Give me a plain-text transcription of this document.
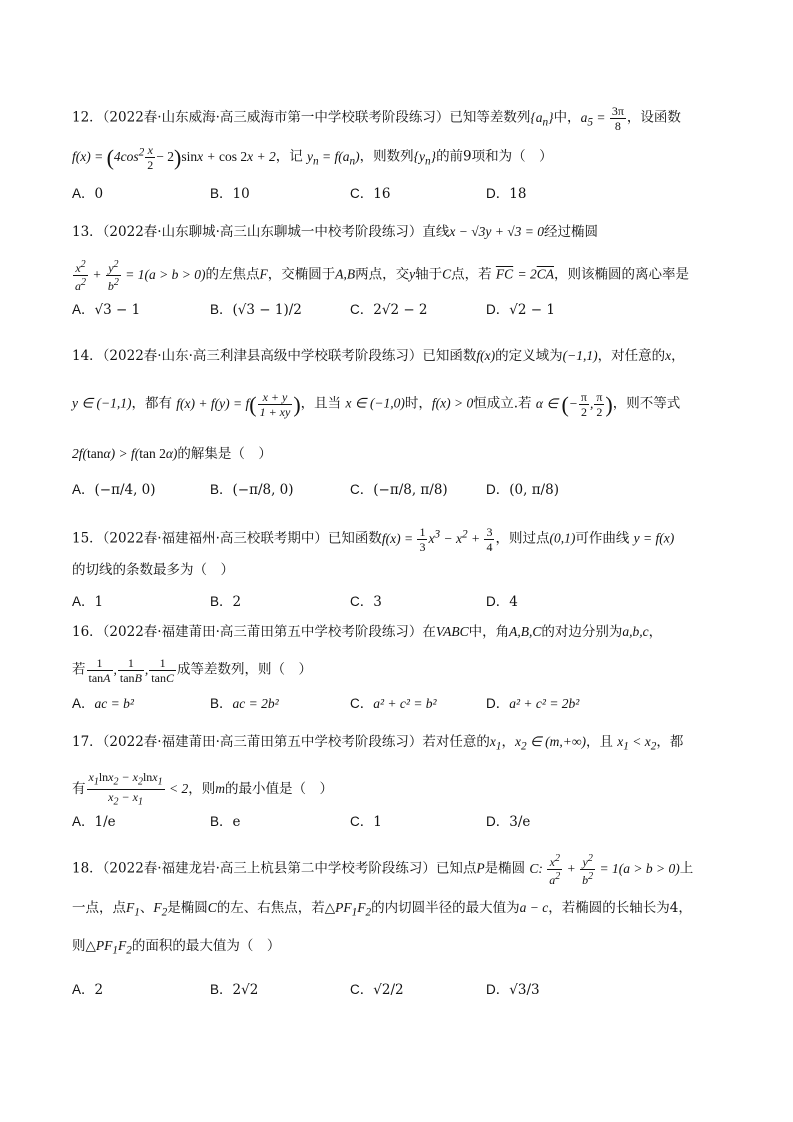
12．（2022春·山东威海·高三威海市第一中学校联考阶段练习）已知等差数列$\{a_n\}$中，$a_5 = \frac{3\pi}{8}$ ，设函数
$f(x) = (4\cos^2 \frac{x}{2} - 2)\sin x + \cos 2x + 2$，记 $y_n = f(a_n)$，则数列$\{y_n\}$的前9项和为（　）
A．0	B．10	C．16	D．18
13．（2022春·山东聊城·高三山东聊城一中校考阶段练习）直线x − √3y + √3 = 0经过椭圆
$\frac{x^2}{a^2} + \frac{y^2}{b^2} = 1(a > b > 0)$的左焦点F，交椭圆于A,B两点，交y轴于C点，若 $\overline{FC} = 2\overline{CA}$，则该椭圆的离心率是
A．√3 − 1	B．(√3 − 1)/2	C．2√2 − 2	D．√2 − 1
14．（2022春·山东·高三利津县高级中学校联考阶段练习）已知函数f(x)的定义域为(−1,1)，对任意的x，
y ∈ (−1,1)，都有 $f(x) + f(y) = f( \frac{x + y}{1 + xy}$ )，且当 x ∈ (−1,0)时，f(x) > 0恒成立.若 α ∈ (− $\frac{\pi}{2}$ , $\frac{\pi}{2}$ )，则不等式
2f(tanα) > f(tan 2α)的解集是（　）
A．(−π/4, 0)	B．(−π/8, 0)	C．(−π/8, π/8)	D．(0, π/8)
15．（2022春·福建福州·高三校联考期中）已知函数$f(x) = \frac{1}{3} x^3 - x^2 + \frac{3}{4}$ ，则过点(0,1)可作曲线 y = f(x)
的切线的条数最多为（　）
A．1	B．2	C．3	D．4
16．（2022春·福建莆田·高三莆田第五中学校考阶段练习）在VABC中，角A,B,C的对边分别为a,b,c，
若 $\frac{1}{\tan A}$ , $\frac{1}{\tan B}$ , $\frac{1}{\tan C}$ 成等差数列，则（　）
A．ac = b²	B．ac = 2b²	C．a² + c² = b²	D．a² + c² = 2b²
17．（2022春·福建莆田·高三莆田第五中学校考阶段练习）若对任意的$x_1$，$x_2$ ∈ (m,+∞)，且 $x_1 < x_2$，都
有 $\frac{x_1\ln x_2 - x_2\ln x_1}{x_2 - x_1} < 2$，则m的最小值是（　）
A．1/e	B．e	C．1	D．3/e
18．（2022春·福建龙岩·高三上杭县第二中学校考阶段练习）已知点P是椭圆 C: $\frac{x^2}{a^2} + \frac{y^2}{b^2} = 1(a > b > 0)$上
一点，点$F_1$、$F_2$是椭圆C的左、右焦点，若$\triangle PF_1F_2$的内切圆半径的最大值为a − c，若椭圆的长轴长为4，
则$\triangle PF_1F_2$的面积的最大值为（　）
A．2	B．2√2	C．√2/2	D．√3/3
